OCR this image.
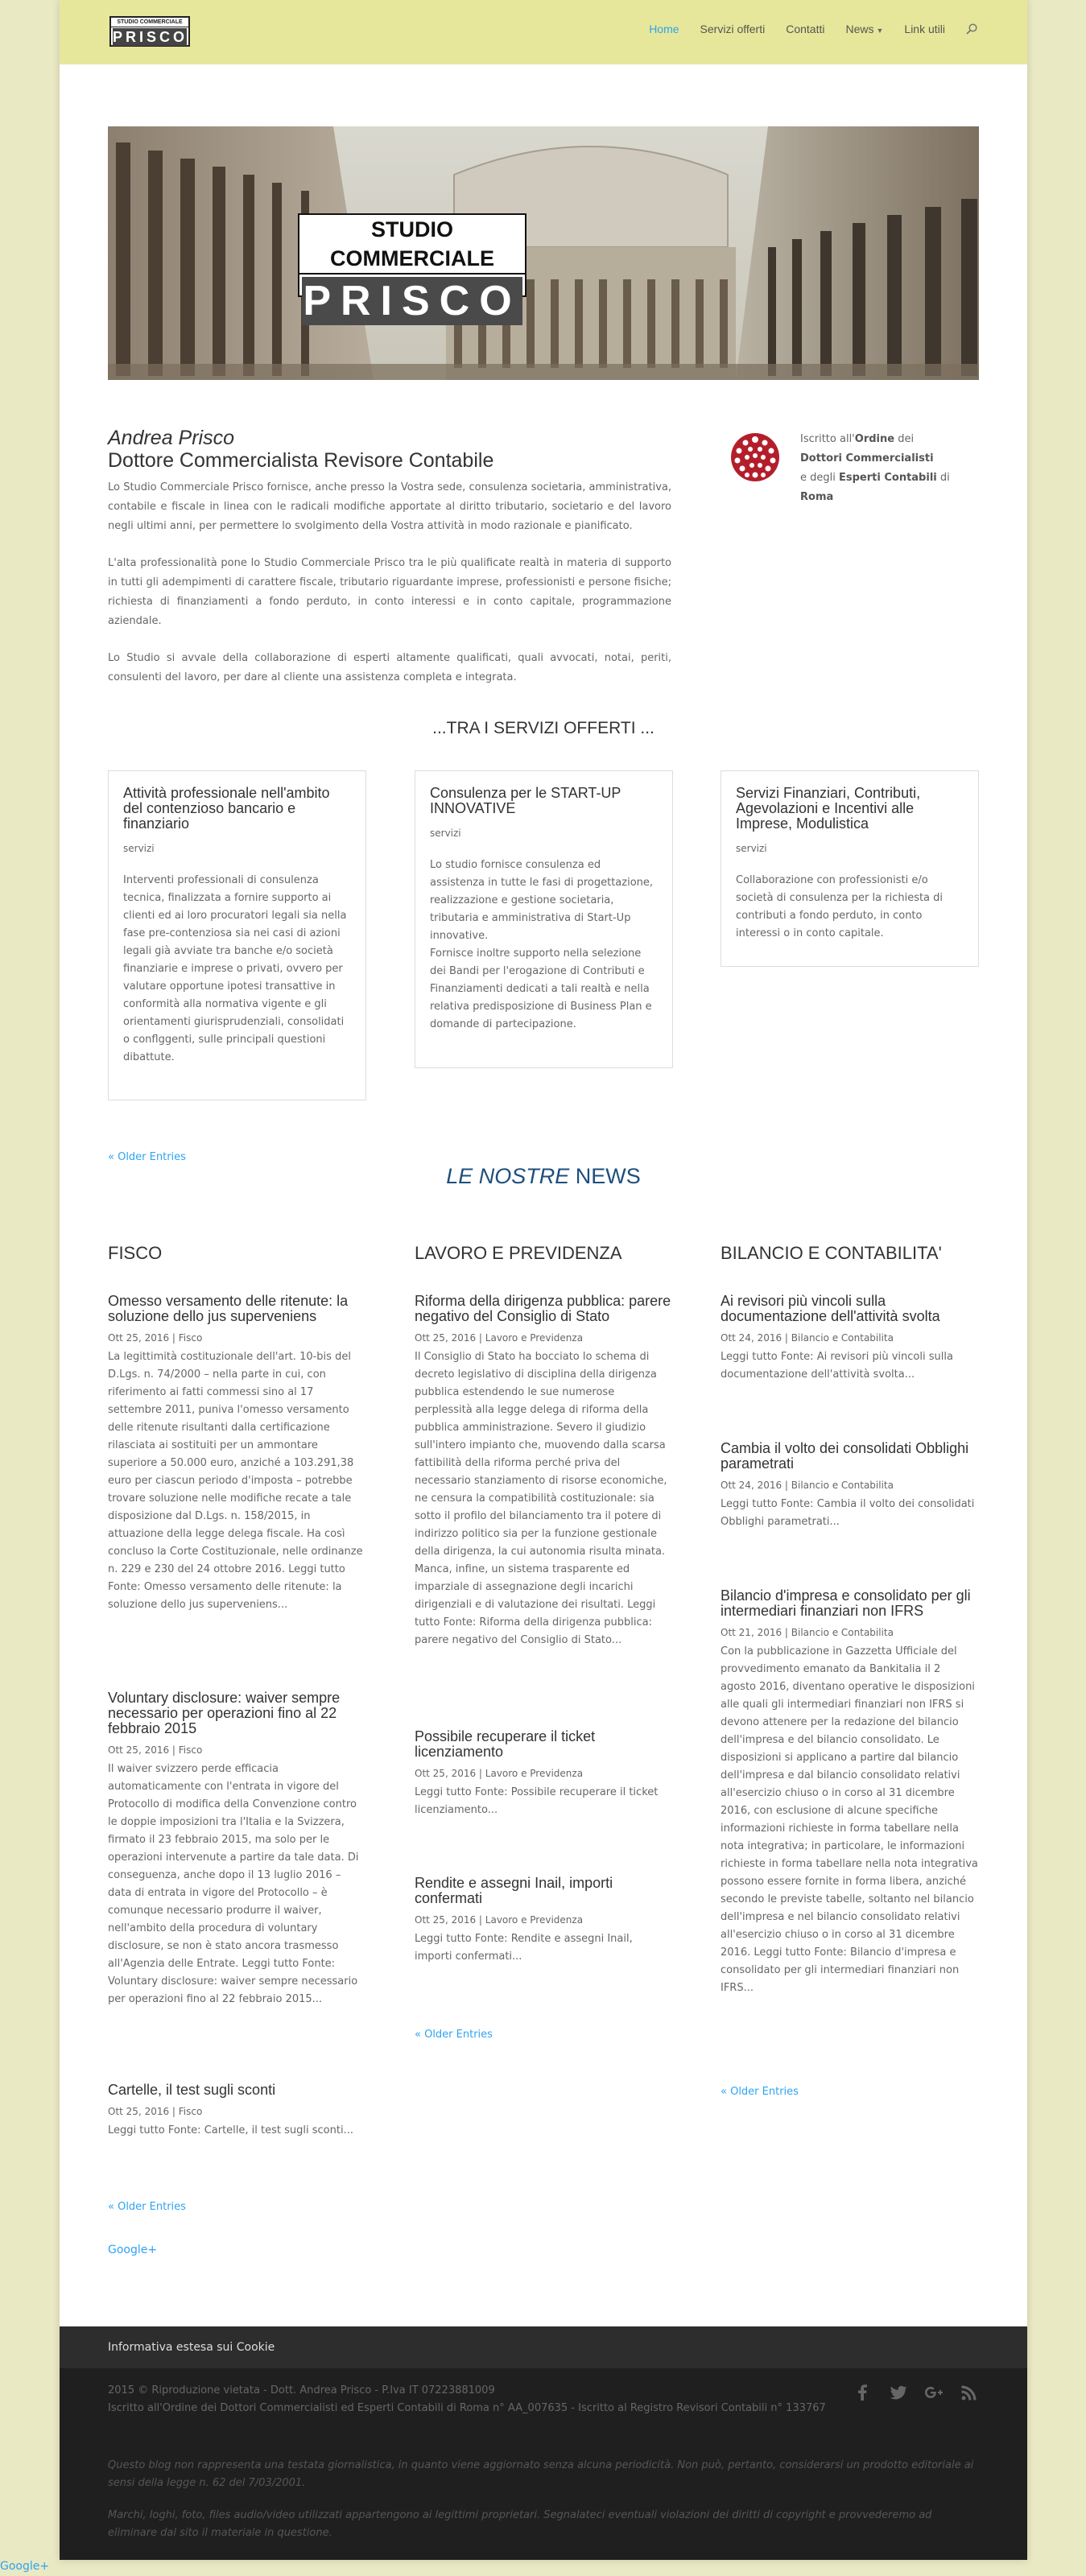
STUDIO COMMERCIALE
PRISCO	Home Servizi offerti Contatti News ▼ Link utili
STUDIO COMMERCIALE
PRISCO
Andrea Prisco
Dottore Commercialista Revisore Contabile

Lo Studio Commerciale Prisco fornisce, anche presso la Vostra sede, consulenza societaria, amministrativa, contabile e fiscale in linea con le radicali modifiche apportate al diritto tributario, societario e del lavoro negli ultimi anni, per permettere lo svolgimento della Vostra attività in modo razionale e pianificato.

L'alta professionalità pone lo Studio Commerciale Prisco tra le più qualificate realtà in materia di supporto in tutti gli adempimenti di carattere fiscale, tributario riguardante imprese, professionisti e persone fisiche; richiesta di finanziamenti a fondo perduto, in conto interessi e in conto capitale, programmazione aziendale.

Lo Studio si avvale della collaborazione di esperti altamente qualificati, quali avvocati, notai, periti, consulenti del lavoro, per dare al cliente una assistenza completa e integrata.

Iscritto all'Ordine dei
Dottori Commercialisti
e degli Esperti Contabili di Roma
...TRA I SERVIZI OFFERTI ...
Attività professionale nell'ambito del contenzioso bancario e finanziario
servizi

Interventi professionali di consulenza tecnica, finalizzata a fornire supporto ai clienti ed ai loro procuratori legali sia nella fase pre-contenziosa sia nei casi di azioni legali già avviate tra banche e/o società finanziarie e imprese o privati, ovvero per valutare opportune ipotesi transattive in conformità alla normativa vigente e gli orientamenti giurisprudenziali, consolidati o conflggenti, sulle principali questioni dibattute.

Consulenza per le START-UP INNOVATIVE
servizi

Lo studio fornisce consulenza ed assistenza in tutte le fasi di progettazione, realizzazione e gestione societaria, tributaria e amministrativa di Start-Up innovative.

Fornisce inoltre supporto nella selezione dei Bandi per l'erogazione di Contributi e Finanziamenti dedicati a tali realtà e nella relativa predisposizione di Business Plan e domande di partecipazione.

Servizi Finanziari, Contributi, Agevolazioni e Incentivi alle Imprese, Modulistica
servizi

Collaborazione con professionisti e/o società di consulenza per la richiesta di contributi a fondo perduto, in conto interessi o in conto capitale.

« Older Entries
LE NOSTRE NEWS
FISCO	LAVORO E PREVIDENZA	BILANCIO E CONTABILITA'
Omesso versamento delle ritenute: la soluzione dello jus superveniens
Ott 25, 2016 | Fisco

La legittimità costituzionale dell'art. 10-bis del D.Lgs. n. 74/2000 – nella parte in cui, con riferimento ai fatti commessi sino al 17 settembre 2011, puniva l'omesso versamento delle ritenute risultanti dalla certificazione rilasciata ai sostituiti per un ammontare superiore a 50.000 euro, anziché a 103.291,38 euro per ciascun periodo d'imposta – potrebbe trovare soluzione nelle modifiche recate a tale disposizione dal D.Lgs. n. 158/2015, in attuazione della legge delega fiscale. Ha così concluso la Corte Costituzionale, nelle ordinanze n. 229 e 230 del 24 ottobre 2016. Leggi tutto Fonte: Omesso versamento delle ritenute: la soluzione dello jus superveniens...

Voluntary disclosure: waiver sempre necessario per operazioni fino al 22 febbraio 2015
Ott 25, 2016 | Fisco

Il waiver svizzero perde efficacia automaticamente con l'entrata in vigore del Protocollo di modifica della Convenzione contro le doppie imposizioni tra l'Italia e la Svizzera, firmato il 23 febbraio 2015, ma solo per le operazioni intervenute a partire da tale data. Di conseguenza, anche dopo il 13 luglio 2016 – data di entrata in vigore del Protocollo – è comunque necessario produrre il waiver, nell'ambito della procedura di voluntary disclosure, se non è stato ancora trasmesso all'Agenzia delle Entrate. Leggi tutto Fonte: Voluntary disclosure: waiver sempre necessario per operazioni fino al 22 febbraio 2015...

Cartelle, il test sugli sconti
Ott 25, 2016 | Fisco

Leggi tutto Fonte: Cartelle, il test sugli sconti...

« Older Entries
Google+
Riforma della dirigenza pubblica: parere negativo del Consiglio di Stato
Ott 25, 2016 | Lavoro e Previdenza

Il Consiglio di Stato ha bocciato lo schema di decreto legislativo di disciplina della dirigenza pubblica estendendo le sue numerose perplessità alla legge delega di riforma della pubblica amministrazione. Severo il giudizio sull'intero impianto che, muovendo dalla scarsa fattibilità della riforma perché priva del necessario stanziamento di risorse economiche, ne censura la compatibilità costituzionale: sia sotto il profilo del bilanciamento tra il potere di indirizzo politico sia per la funzione gestionale della dirigenza, la cui autonomia risulta minata. Manca, infine, un sistema trasparente ed imparziale di assegnazione degli incarichi dirigenziali e di valutazione dei risultati. Leggi tutto Fonte: Riforma della dirigenza pubblica: parere negativo del Consiglio di Stato...

Possibile recuperare il ticket licenziamento
Ott 25, 2016 | Lavoro e Previdenza

Leggi tutto Fonte: Possibile recuperare il ticket licenziamento...

Rendite e assegni Inail, importi confermati
Ott 25, 2016 | Lavoro e Previdenza

Leggi tutto Fonte: Rendite e assegni Inail, importi confermati...

« Older Entries
Ai revisori più vincoli sulla documentazione dell'attività svolta
Ott 24, 2016 | Bilancio e Contabilita

Leggi tutto Fonte: Ai revisori più vincoli sulla documentazione dell'attività svolta...

Cambia il volto dei consolidati Obblighi parametrati
Ott 24, 2016 | Bilancio e Contabilita

Leggi tutto Fonte: Cambia il volto dei consolidati Obblighi parametrati...

Bilancio d'impresa e consolidato per gli intermediari finanziari non IFRS
Ott 21, 2016 | Bilancio e Contabilita

Con la pubblicazione in Gazzetta Ufficiale del provvedimento emanato da Bankitalia il 2 agosto 2016, diventano operative le disposizioni alle quali gli intermediari finanziari non IFRS si devono attenere per la redazione del bilancio dell'impresa e del bilancio consolidato. Le disposizioni si applicano a partire dal bilancio dell'impresa e dal bilancio consolidato relativi all'esercizio chiuso o in corso al 31 dicembre 2016, con esclusione di alcune specifiche informazioni richieste in forma tabellare nella nota integrativa; in particolare, le informazioni richieste in forma tabellare nella nota integrativa possono essere fornite in forma libera, anziché secondo le previste tabelle, soltanto nel bilancio dell'impresa e nel bilancio consolidato relativi all'esercizio chiuso o in corso al 31 dicembre 2016. Leggi tutto Fonte: Bilancio d'impresa e consolidato per gli intermediari finanziari non IFRS...

« Older Entries
Informativa estesa sui Cookie
2015 © Riproduzione vietata - Dott. Andrea Prisco - P.Iva IT 07223881009
Iscritto all'Ordine dei Dottori Commercialisti ed Esperti Contabili di Roma n° AA_007635 - Iscritto al Registro Revisori Contabili n° 133767

Questo blog non rappresenta una testata giornalistica, in quanto viene aggiornato senza alcuna periodicità. Non può, pertanto, considerarsi un prodotto editoriale ai sensi della legge n. 62 del 7/03/2001.

Marchi, loghi, foto, files audio/video utilizzati appartengono ai legittimi proprietari. Segnalateci eventuali violazioni dei diritti di copyright e provvederemo ad eliminare dal sito il materiale in questione.

Google+
